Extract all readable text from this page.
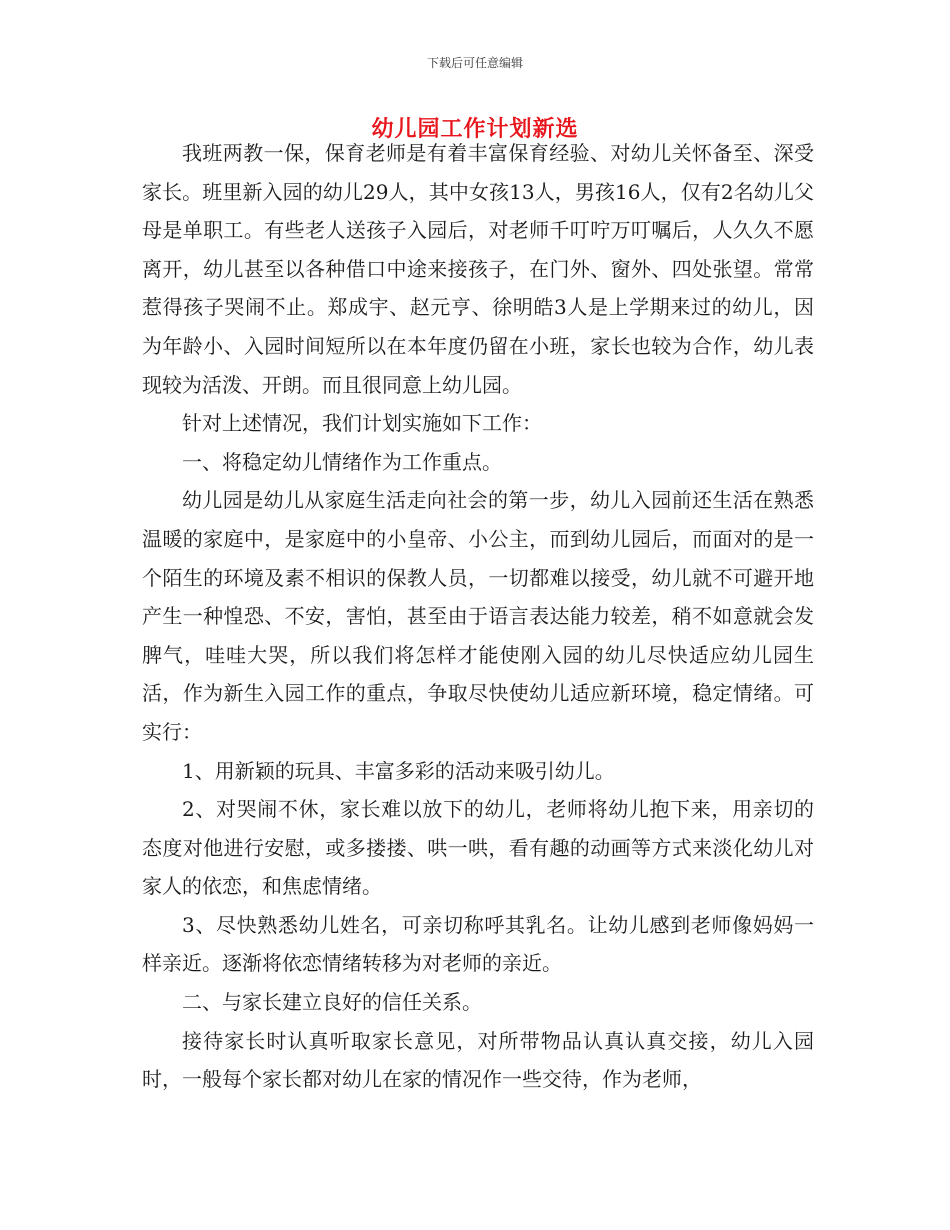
下载后可任意编辑
幼儿园工作计划新选

我班两教一保，保育老师是有着丰富保育经验、对幼儿关怀备至、深受家长。班里新入园的幼儿29人，其中女孩13人，男孩16人，仅有2名幼儿父母是单职工。有些老人送孩子入园后，对老师千叮咛万叮嘱后，人久久不愿离开，幼儿甚至以各种借口中途来接孩子，在门外、窗外、四处张望。常常惹得孩子哭闹不止。郑成宇、赵元亨、徐明皓3人是上学期来过的幼儿，因为年龄小、入园时间短所以在本年度仍留在小班，家长也较为合作，幼儿表现较为活泼、开朗。而且很同意上幼儿园。

针对上述情况，我们计划实施如下工作：

一、将稳定幼儿情绪作为工作重点。

幼儿园是幼儿从家庭生活走向社会的第一步，幼儿入园前还生活在熟悉温暖的家庭中，是家庭中的小皇帝、小公主，而到幼儿园后，而面对的是一个陌生的环境及素不相识的保教人员，一切都难以接受，幼儿就不可避开地产生一种惶恐、不安，害怕，甚至由于语言表达能力较差，稍不如意就会发脾气，哇哇大哭，所以我们将怎样才能使刚入园的幼儿尽快适应幼儿园生活，作为新生入园工作的重点，争取尽快使幼儿适应新环境，稳定情绪。可实行：

1、用新颖的玩具、丰富多彩的活动来吸引幼儿。

2、对哭闹不休，家长难以放下的幼儿，老师将幼儿抱下来，用亲切的态度对他进行安慰，或多搂搂、哄一哄，看有趣的动画等方式来淡化幼儿对家人的依恋，和焦虑情绪。

3、尽快熟悉幼儿姓名，可亲切称呼其乳名。让幼儿感到老师像妈妈一样亲近。逐渐将依恋情绪转移为对老师的亲近。

二、与家长建立良好的信任关系。

接待家长时认真听取家长意见，对所带物品认真认真交接，幼儿入园时，一般每个家长都对幼儿在家的情况作一些交待，作为老师，
